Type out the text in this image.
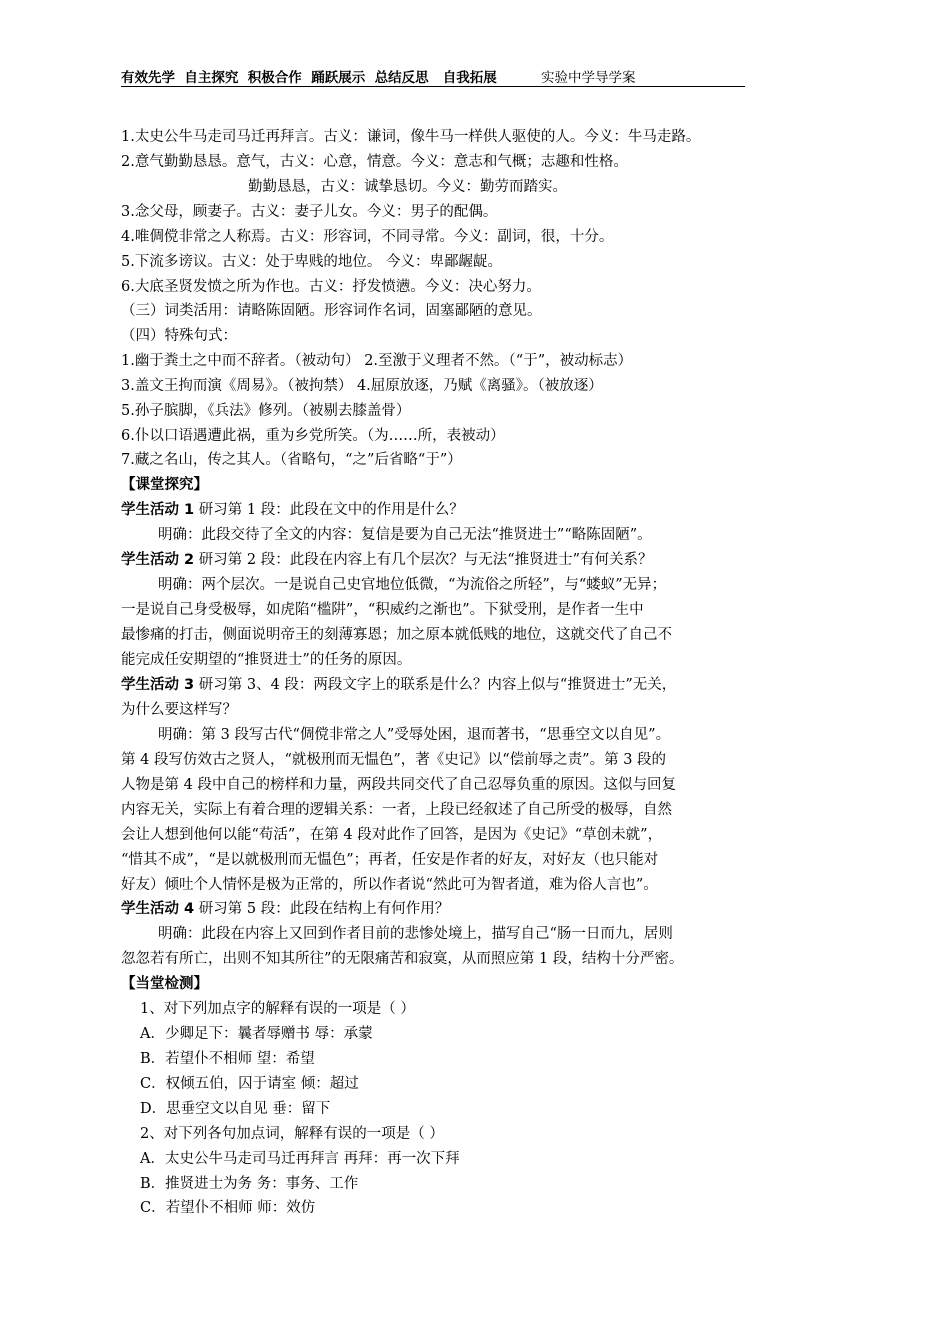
有效先学  自主探究  积极合作  踊跃展示  总结反思   自我拓展	实验中学导学案
1.太史公牛马走司马迁再拜言。古义：谦词，像牛马一样供人驱使的人。今义：牛马走路。
2.意气勤勤恳恳。意气，古义：心意，情意。今义：意志和气概；志趣和性格。
勤勤恳恳，古义：诚挚恳切。今义：勤劳而踏实。
3.念父母，顾妻子。古义：妻子儿女。今义：男子的配偶。
4.唯倜傥非常之人称焉。古义：形容词，不同寻常。今义：副词，很，十分。
5.下流多谤议。古义：处于卑贱的地位。 今义：卑鄙龌龊。
6.大底圣贤发愤之所为作也。古义：抒发愤懑。今义：决心努力。
（三）词类活用：请略陈固陋。形容词作名词，固塞鄙陋的意见。
（四）特殊句式：
1.幽于粪土之中而不辞者。（被动句） 2.至激于义理者不然。（“于”，被动标志）
3.盖文王拘而演《周易》。（被拘禁） 4.屈原放逐，乃赋《离骚》。（被放逐）
5.孙子膑脚，《兵法》修列。（被剔去膝盖骨）
6.仆以口语遇遭此祸，重为乡党所笑。（为……所，表被动）
7.藏之名山，传之其人。（省略句，“之”后省略“于”）
【课堂探究】
学生活动 1 研习第 1 段：此段在文中的作用是什么？
明确：此段交待了全文的内容：复信是要为自己无法“推贤进士”“略陈固陋”。
学生活动 2 研习第 2 段：此段在内容上有几个层次？与无法“推贤进士”有何关系？
明确：两个层次。一是说自己史官地位低微，“为流俗之所轻”，与“蝼蚁”无异；
一是说自己身受极辱，如虎陷“槛阱”，“积威约之渐也”。下狱受刑，是作者一生中
最惨痛的打击，侧面说明帝王的刻薄寡恩；加之原本就低贱的地位，这就交代了自己不
能完成任安期望的“推贤进士”的任务的原因。
学生活动 3 研习第 3、4 段：两段文字上的联系是什么？内容上似与“推贤进士”无关，
为什么要这样写？
明确：第 3 段写古代“倜傥非常之人”受辱处困，退而著书，“思垂空文以自见”。
第 4 段写仿效古之贤人，“就极刑而无愠色”，著《史记》以“偿前辱之责”。第 3 段的
人物是第 4 段中自己的榜样和力量，两段共同交代了自己忍辱负重的原因。这似与回复
内容无关，实际上有着合理的逻辑关系：一者，上段已经叙述了自己所受的极辱，自然
会让人想到他何以能“苟活”，在第 4 段对此作了回答，是因为《史记》“草创未就”，
“惜其不成”，“是以就极刑而无愠色”；再者，任安是作者的好友，对好友（也只能对
好友）倾吐个人情怀是极为正常的，所以作者说“然此可为智者道，难为俗人言也”。
学生活动 4 研习第 5 段：此段在结构上有何作用？
明确：此段在内容上又回到作者目前的悲惨处境上，描写自己“肠一日而九，居则
忽忽若有所亡，出则不知其所往”的无限痛苦和寂寞，从而照应第 1 段，结构十分严密。
【当堂检测】
1、对下列加点字的解释有误的一项是（ ）
A．少卿足下：曩者辱赠书 辱：承蒙
B．若望仆不相师 望：希望
C．权倾五伯，囚于请室 倾：超过
D．思垂空文以自见 垂：留下
2、对下列各句加点词，解释有误的一项是（ ）
A．太史公牛马走司马迁再拜言 再拜：再一次下拜
B．推贤进士为务 务：事务、工作
C．若望仆不相师 师：效仿
